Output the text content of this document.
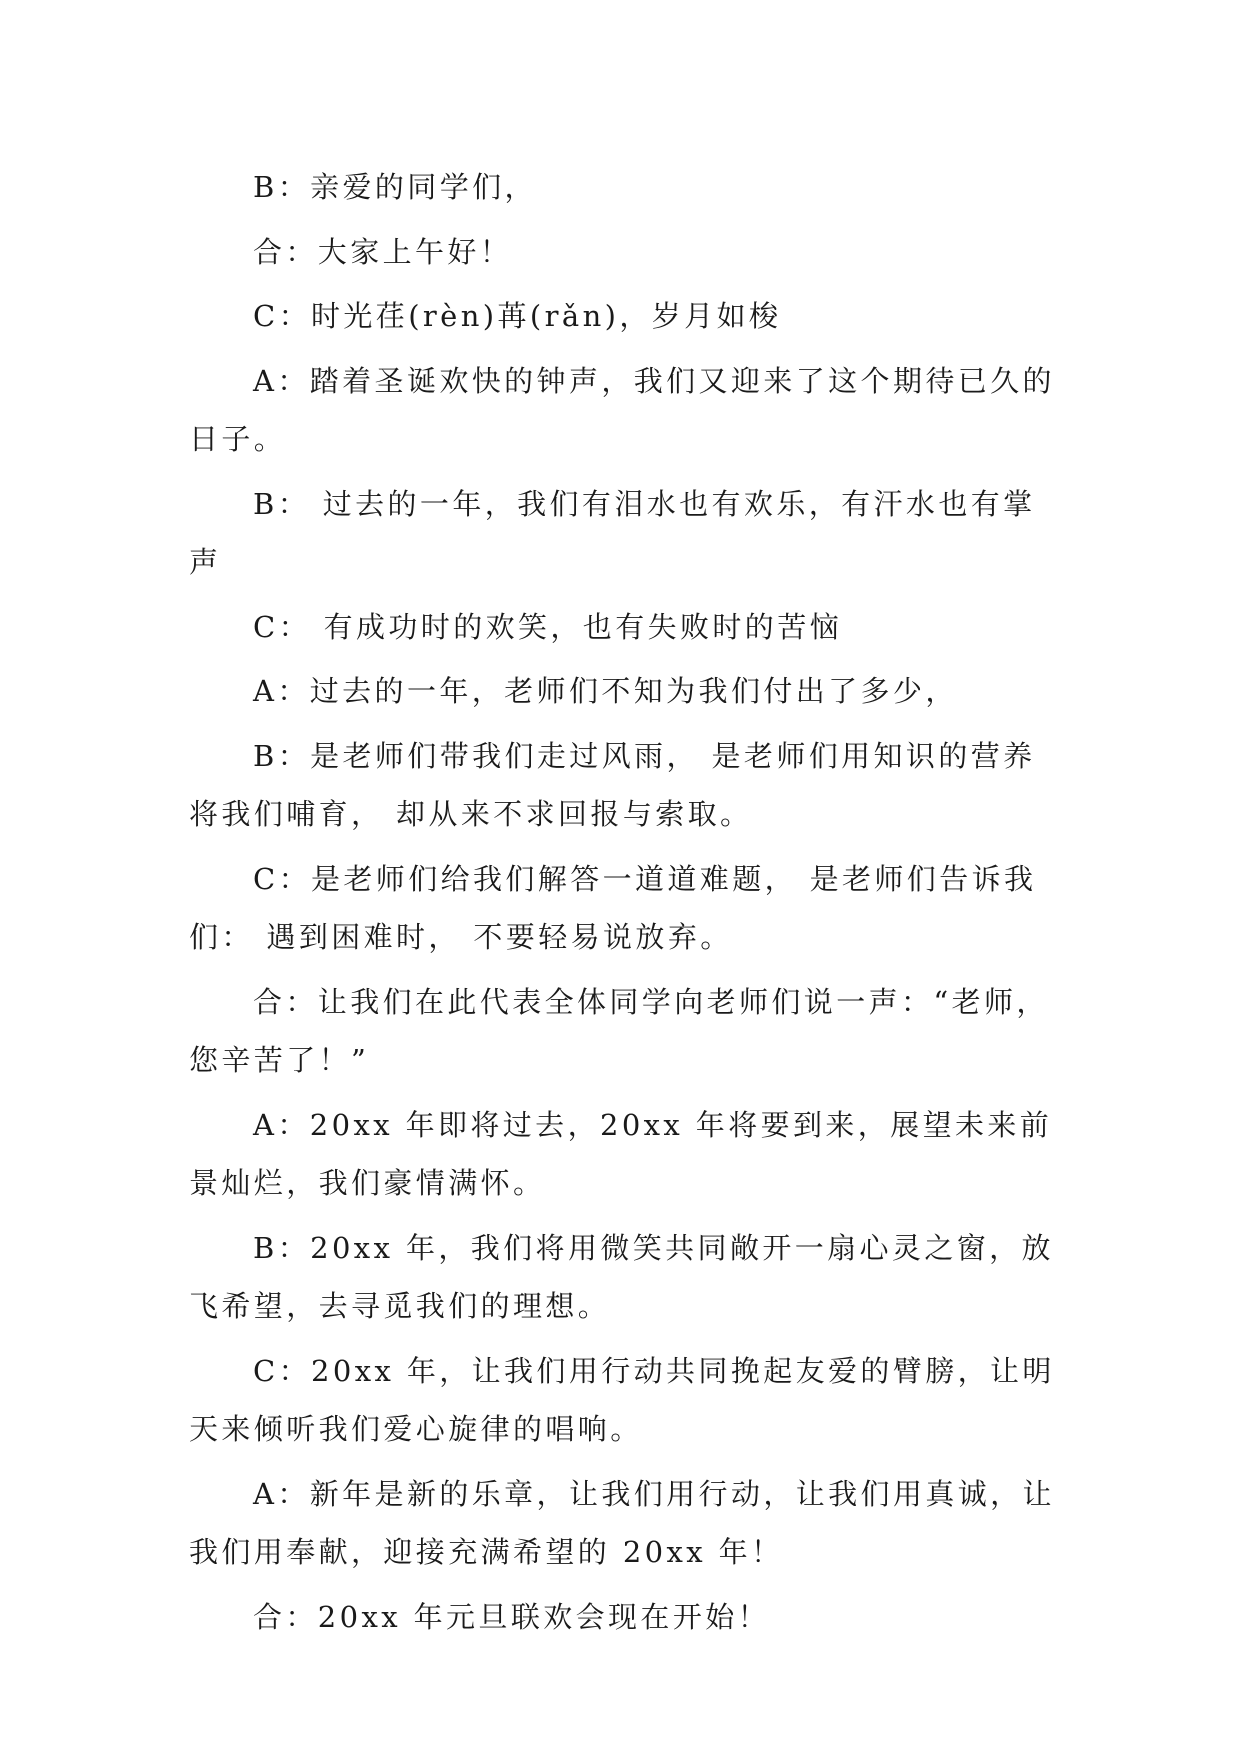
B：亲爱的同学们，

合：大家上午好！

C：时光荏(rèn)苒(rǎn)，岁月如梭

A：踏着圣诞欢快的钟声，我们又迎来了这个期待已久的日子。

B： 过去的一年，我们有泪水也有欢乐，有汗水也有掌声

C： 有成功时的欢笑，也有失败时的苦恼

A：过去的一年，老师们不知为我们付出了多少，

B：是老师们带我们走过风雨， 是老师们用知识的营养将我们哺育， 却从来不求回报与索取。

C：是老师们给我们解答一道道难题， 是老师们告诉我们： 遇到困难时， 不要轻易说放弃。

合：让我们在此代表全体同学向老师们说一声：“老师，您辛苦了！”

A：20xx 年即将过去，20xx 年将要到来，展望未来前景灿烂，我们豪情满怀。

B：20xx 年，我们将用微笑共同敞开一扇心灵之窗，放飞希望，去寻觅我们的理想。

C：20xx 年，让我们用行动共同挽起友爱的臂膀，让明天来倾听我们爱心旋律的唱响。

A：新年是新的乐章，让我们用行动，让我们用真诚，让我们用奉献，迎接充满希望的 20xx 年！

合：20xx 年元旦联欢会现在开始！
